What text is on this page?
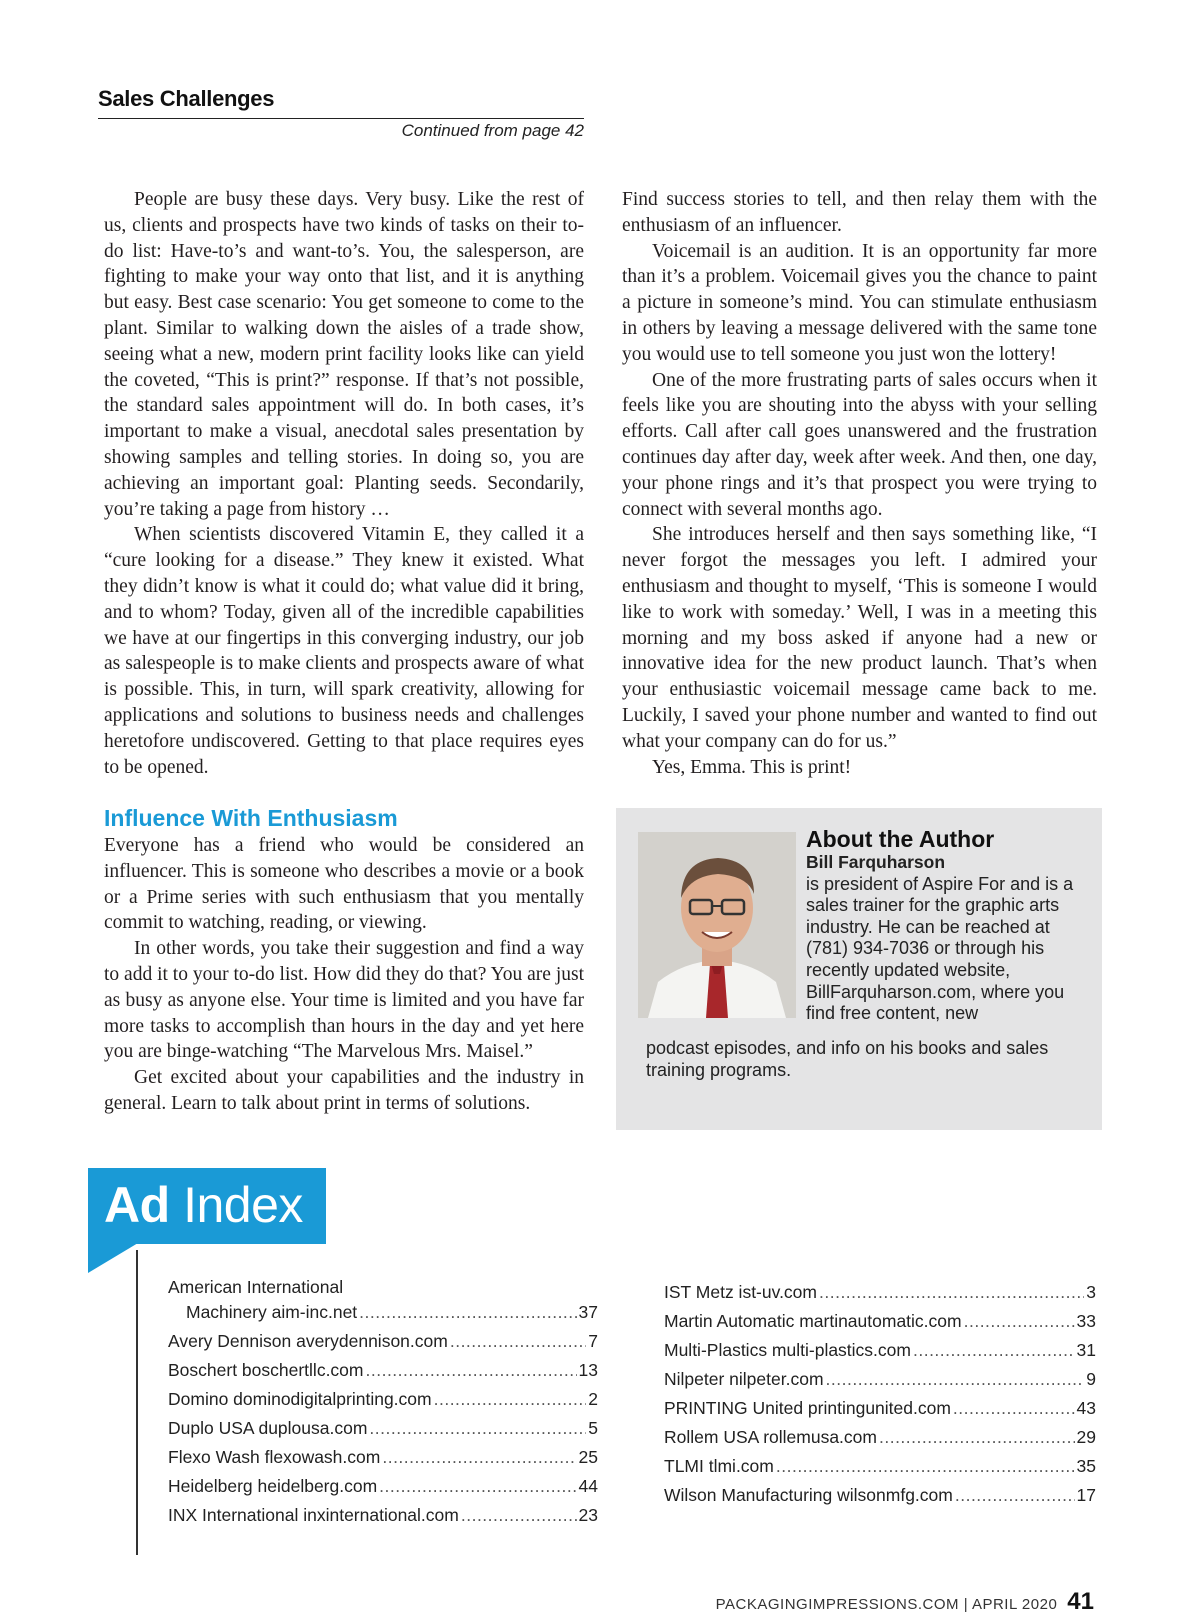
Sales Challenges
Continued from page 42

People are busy these days. Very busy. Like the rest of us, clients and prospects have two kinds of tasks on their to-do list: Have-to’s and want-to’s. You, the salesperson, are fighting to make your way onto that list, and it is anything but easy. Best case scenario: You get someone to come to the plant. Similar to walking down the aisles of a trade show, seeing what a new, modern print facility looks like can yield the coveted, “This is print?” response. If that’s not possible, the standard sales appointment will do. In both cases, it’s important to make a visual, anecdotal sales presentation by showing samples and telling stories. In doing so, you are achieving an important goal: Planting seeds. Secondarily, you’re taking a page from history …

When scientists discovered Vitamin E, they called it a “cure looking for a disease.” They knew it existed. What they didn’t know is what it could do; what value did it bring, and to whom? Today, given all of the incredible capabilities we have at our fingertips in this converging industry, our job as salespeople is to make clients and prospects aware of what is possible. This, in turn, will spark creativity, allowing for applications and solutions to business needs and challenges heretofore undiscovered. Getting to that place requires eyes to be opened.

Influence With Enthusiasm

Everyone has a friend who would be considered an influencer. This is someone who describes a movie or a book or a Prime series with such enthusiasm that you mentally commit to watching, reading, or viewing.

In other words, you take their suggestion and find a way to add it to your to-do list. How did they do that? You are just as busy as anyone else. Your time is limited and you have far more tasks to accomplish than hours in the day and yet here you are binge-watching “The Marvelous Mrs. Maisel.”

Get excited about your capabilities and the industry in general. Learn to talk about print in terms of solutions.

Find success stories to tell, and then relay them with the enthusiasm of an influencer.

Voicemail is an audition. It is an opportunity far more than it’s a problem. Voicemail gives you the chance to paint a picture in someone’s mind. You can stimulate enthusiasm in others by leaving a message delivered with the same tone you would use to tell someone you just won the lottery!

One of the more frustrating parts of sales occurs when it feels like you are shouting into the abyss with your selling efforts. Call after call goes unanswered and the frustration continues day after day, week after week. And then, one day, your phone rings and it’s that prospect you were trying to connect with several months ago.

She introduces herself and then says something like, “I never forgot the messages you left. I admired your enthusiasm and thought to myself, ‘This is someone I would like to work with someday.’ Well, I was in a meeting this morning and my boss asked if anyone had a new or innovative idea for the new product launch. That’s when your enthusiastic voicemail message came back to me. Luckily, I saved your phone number and wanted to find out what your company can do for us.”

Yes, Emma. This is print!

About the Author
Bill Farquharson
is president of Aspire For and is a sales trainer for the graphic arts industry. He can be reached at (781) 934-7036 or through his recently updated website, BillFarquharson.com, where you find free content, new
podcast episodes, and info on his books and sales training programs.
Ad Index
American International
Machinery aim-inc.net .....	37
Avery Dennison averydennison.com .....	7
Boschert boschertllc.com .....	13
Domino dominodigitalprinting.com .....	2
Duplo USA duplousa.com .....	5
Flexo Wash flexowash.com .....	25
Heidelberg heidelberg.com .....	44
INX International inxinternational.com .....	23
IST Metz ist-uv.com .....	3
Martin Automatic martinautomatic.com .....	33
Multi-Plastics multi-plastics.com .....	31
Nilpeter nilpeter.com .....	9
PRINTING United printingunited.com .....	43
Rollem USA rollemusa.com .....	29
TLMI tlmi.com .....	35
Wilson Manufacturing wilsonmfg.com .....	17
PACKAGINGIMPRESSIONS.COM | APRIL 2020 41
